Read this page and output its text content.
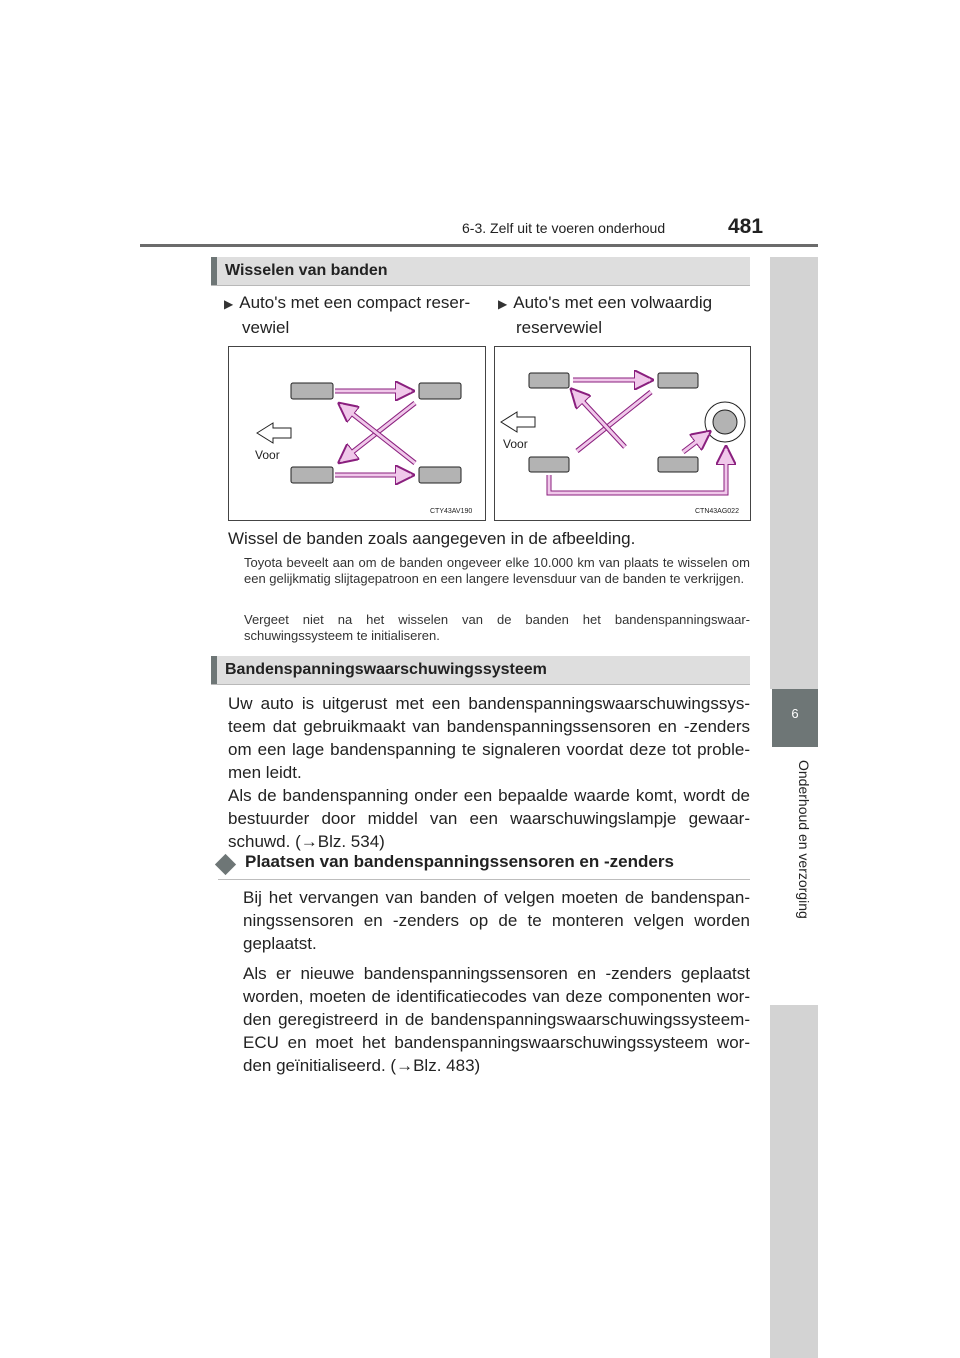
6-3. Zelf uit te voeren onderhoud	481
6
Onderhoud en verzorging
Wisselen van banden
▶ Auto's met een compact reser-
vewiel
▶ Auto's met een volwaardig
reservewiel
Voor
CTY43AV190
Voor
CTN43AG022
Wissel de banden zoals aangegeven in de afbeelding.
Toyota beveelt aan om de banden ongeveer elke 10.000 km van plaats te wisselen om een gelijkmatig slijtagepatroon en een langere levensduur van de banden te verkrijgen.
Vergeet niet na het wisselen van de banden het bandenspanningswaar-schuwingssysteem te initialiseren.
Bandenspanningswaarschuwingssysteem
Uw auto is uitgerust met een bandenspanningswaarschuwingssys-teem dat gebruikmaakt van bandenspanningssensoren en -zenders om een lage bandenspanning te signaleren voordat deze tot proble-men leidt.
Als de bandenspanning onder een bepaalde waarde komt, wordt de bestuurder door middel van een waarschuwingslampje gewaar-schuwd. (→Blz. 534)
Plaatsen van bandenspanningssensoren en -zenders
Bij het vervangen van banden of velgen moeten de bandenspan-ningssensoren en -zenders op de te monteren velgen worden geplaatst.
Als er nieuwe bandenspanningssensoren en -zenders geplaatst worden, moeten de identificatiecodes van deze componenten wor-den geregistreerd in de bandenspanningswaarschuwingssysteem-ECU en moet het bandenspanningswaarschuwingssysteem wor-den geïnitialiseerd. (→Blz. 483)
